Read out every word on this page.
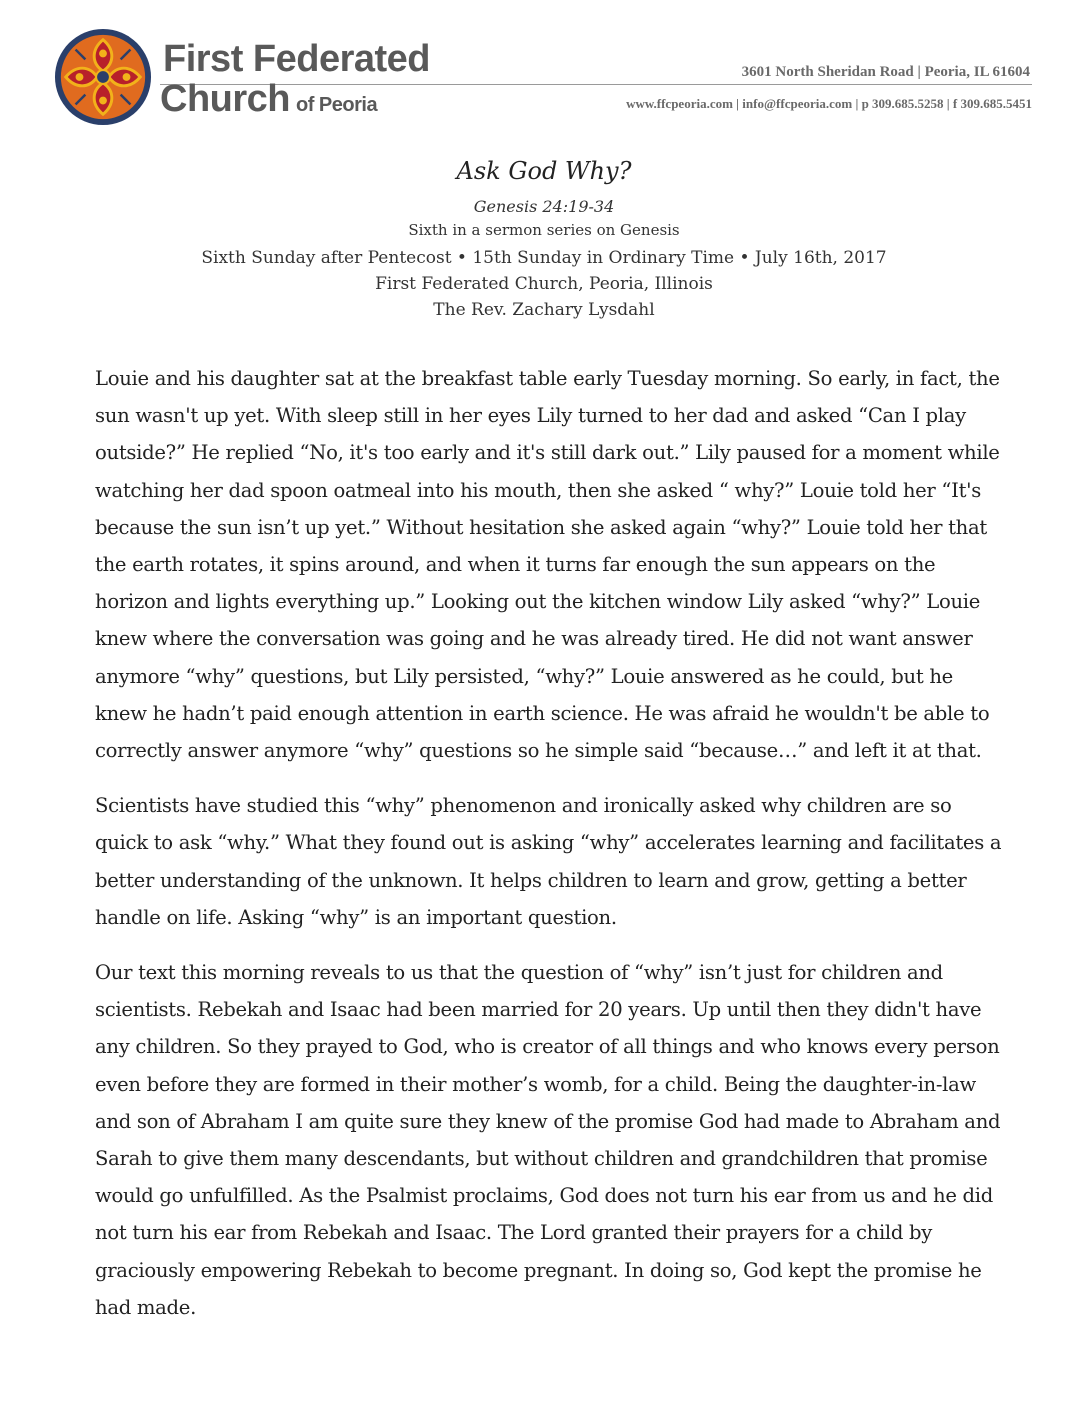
First Federated
Church of Peoria
3601 North Sheridan Road | Peoria, IL 61604
www.ffcpeoria.com | info@ffcpeoria.com | p 309.685.5258 | f 309.685.5451
Ask God Why?
Genesis 24:19-34
Sixth in a sermon series on Genesis
Sixth Sunday after Pentecost • 15th Sunday in Ordinary Time • July 16th, 2017
First Federated Church, Peoria, Illinois
The Rev. Zachary Lysdahl

Louie and his daughter sat at the breakfast table early Tuesday morning. So early, in fact, the sun wasn't up yet. With sleep still in her eyes Lily turned to her dad and asked “Can I play outside?” He replied “No, it's too early and it's still dark out.” Lily paused for a moment while watching her dad spoon oatmeal into his mouth, then she asked “ why?” Louie told her “It's because the sun isn’t up yet.” Without hesitation she asked again “why?” Louie told her that the earth rotates, it spins around, and when it turns far enough the sun appears on the horizon and lights everything up.” Looking out the kitchen window Lily asked “why?” Louie knew where the conversation was going and he was already tired. He did not want answer anymore “why” questions, but Lily persisted, “why?” Louie answered as he could, but he knew he hadn’t paid enough attention in earth science. He was afraid he wouldn't be able to correctly answer anymore “why” questions so he simple said “because…” and left it at that.

Scientists have studied this “why” phenomenon and ironically asked why children are so quick to ask “why.” What they found out is asking “why” accelerates learning and facilitates a better understanding of the unknown. It helps children to learn and grow, getting a better handle on life. Asking “why” is an important question.

Our text this morning reveals to us that the question of “why” isn’t just for children and scientists. Rebekah and Isaac had been married for 20 years. Up until then they didn't have any children. So they prayed to God, who is creator of all things and who knows every person even before they are formed in their mother’s womb, for a child. Being the daughter-in-law and son of Abraham I am quite sure they knew of the promise God had made to Abraham and Sarah to give them many descendants, but without children and grandchildren that promise would go unfulfilled. As the Psalmist proclaims, God does not turn his ear from us and he did not turn his ear from Rebekah and Isaac. The Lord granted their prayers for a child by graciously empowering Rebekah to become pregnant. In doing so, God kept the promise he had made.
